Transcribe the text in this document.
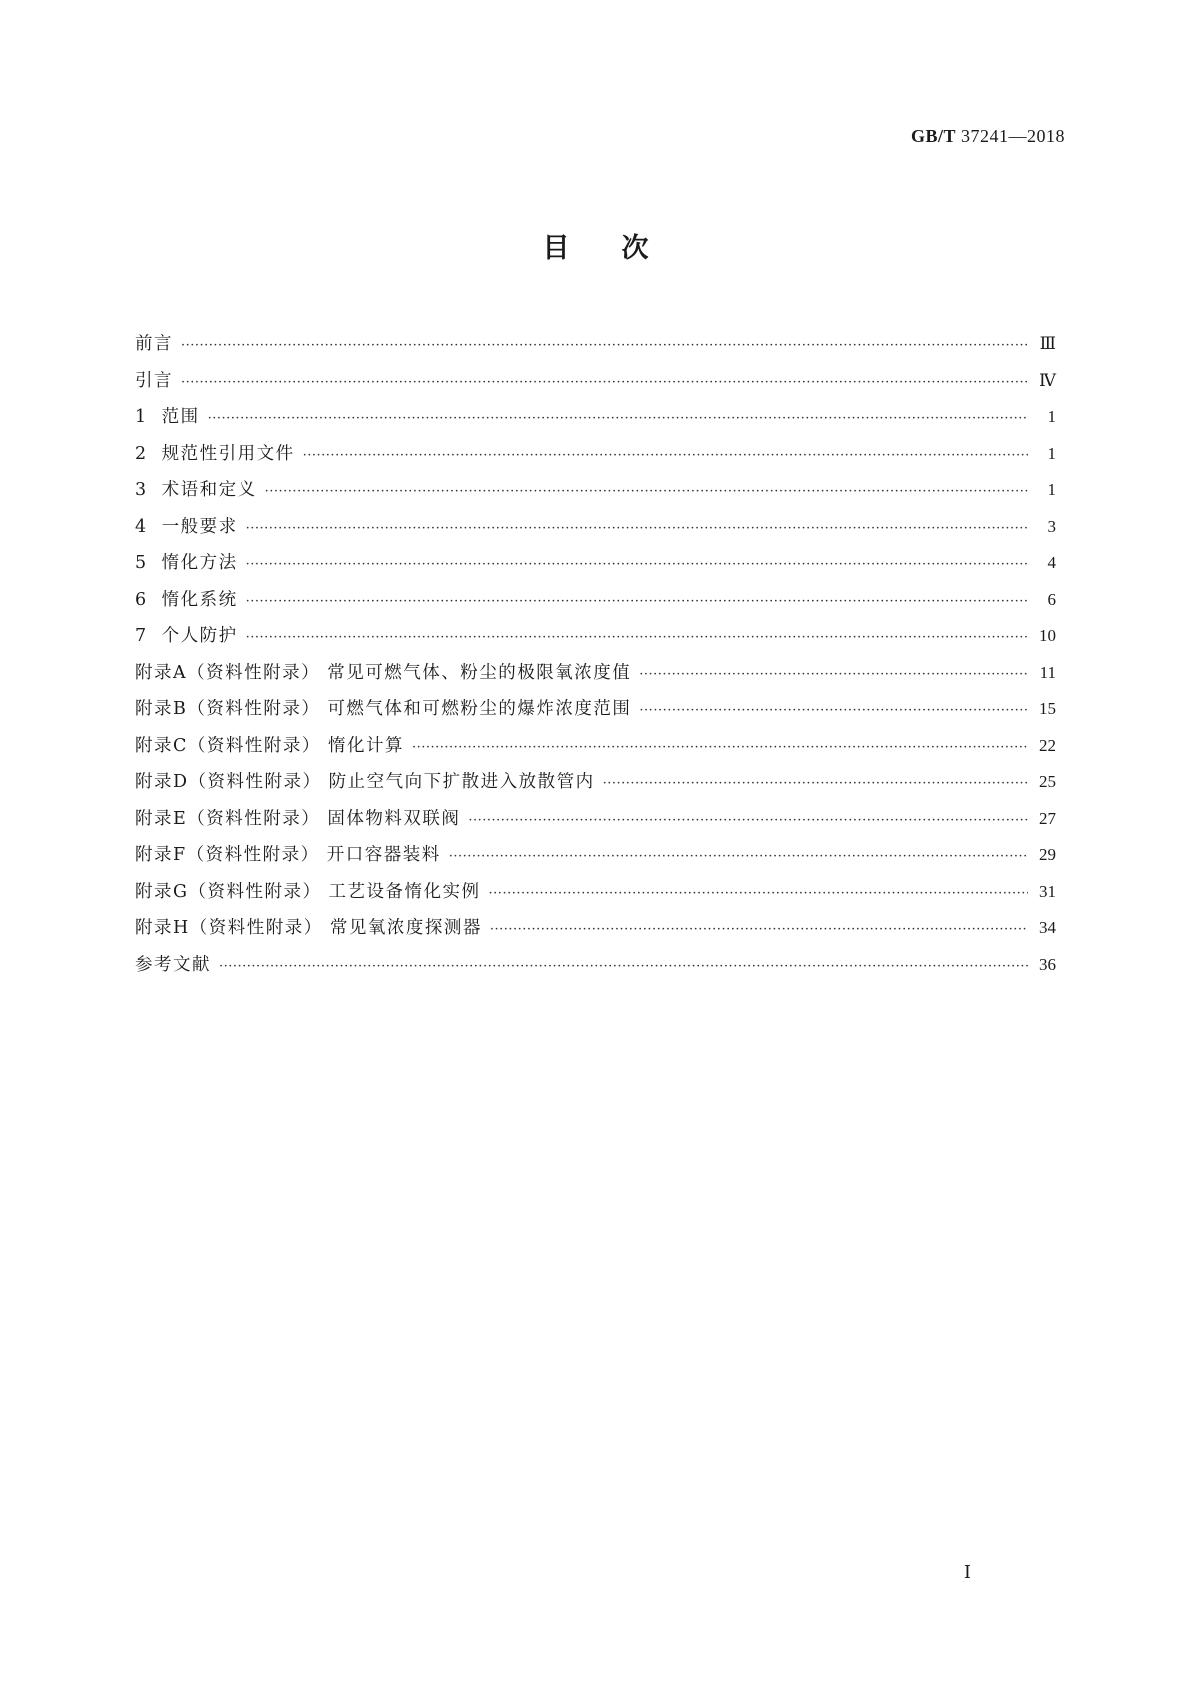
GB/T 37241—2018
目次
前言 ·····	Ⅲ
引言 ·····	Ⅳ
1 范围 ·····	1
2 规范性引用文件 ·····	1
3 术语和定义 ·····	1
4 一般要求 ·····	3
5 惰化方法 ·····	4
6 惰化系统 ·····	6
7 个人防护 ·····	10
附录A（资料性附录） 常见可燃气体、粉尘的极限氧浓度值 ·····	11
附录B（资料性附录） 可燃气体和可燃粉尘的爆炸浓度范围 ·····	15
附录C（资料性附录） 惰化计算 ·····	22
附录D（资料性附录） 防止空气向下扩散进入放散管内 ·····	25
附录E（资料性附录） 固体物料双联阀 ·····	27
附录F（资料性附录） 开口容器装料 ·····	29
附录G（资料性附录） 工艺设备惰化实例 ·····	31
附录H（资料性附录） 常见氧浓度探测器 ·····	34
参考文献 ·····	36
Ⅰ
